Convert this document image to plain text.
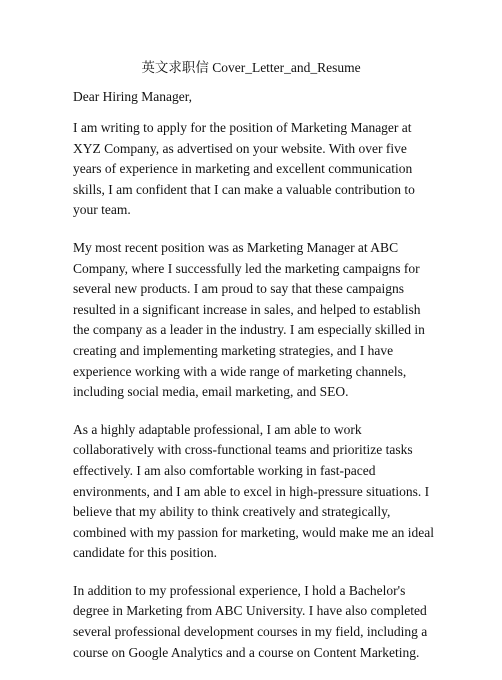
英文求职信 Cover_Letter_and_Resume
Dear Hiring Manager,

I am writing to apply for the position of Marketing Manager at
XYZ Company, as advertised on your website. With over five
years of experience in marketing and excellent communication
skills, I am confident that I can make a valuable contribution to
your team.

My most recent position was as Marketing Manager at ABC
Company, where I successfully led the marketing campaigns for
several new products. I am proud to say that these campaigns
resulted in a significant increase in sales, and helped to establish
the company as a leader in the industry. I am especially skilled in
creating and implementing marketing strategies, and I have
experience working with a wide range of marketing channels,
including social media, email marketing, and SEO.

As a highly adaptable professional, I am able to work
collaboratively with cross-functional teams and prioritize tasks
effectively. I am also comfortable working in fast-paced
environments, and I am able to excel in high-pressure situations. I
believe that my ability to think creatively and strategically,
combined with my passion for marketing, would make me an ideal
candidate for this position.

In addition to my professional experience, I hold a Bachelor's
degree in Marketing from ABC University. I have also completed
several professional development courses in my field, including a
course on Google Analytics and a course on Content Marketing.
